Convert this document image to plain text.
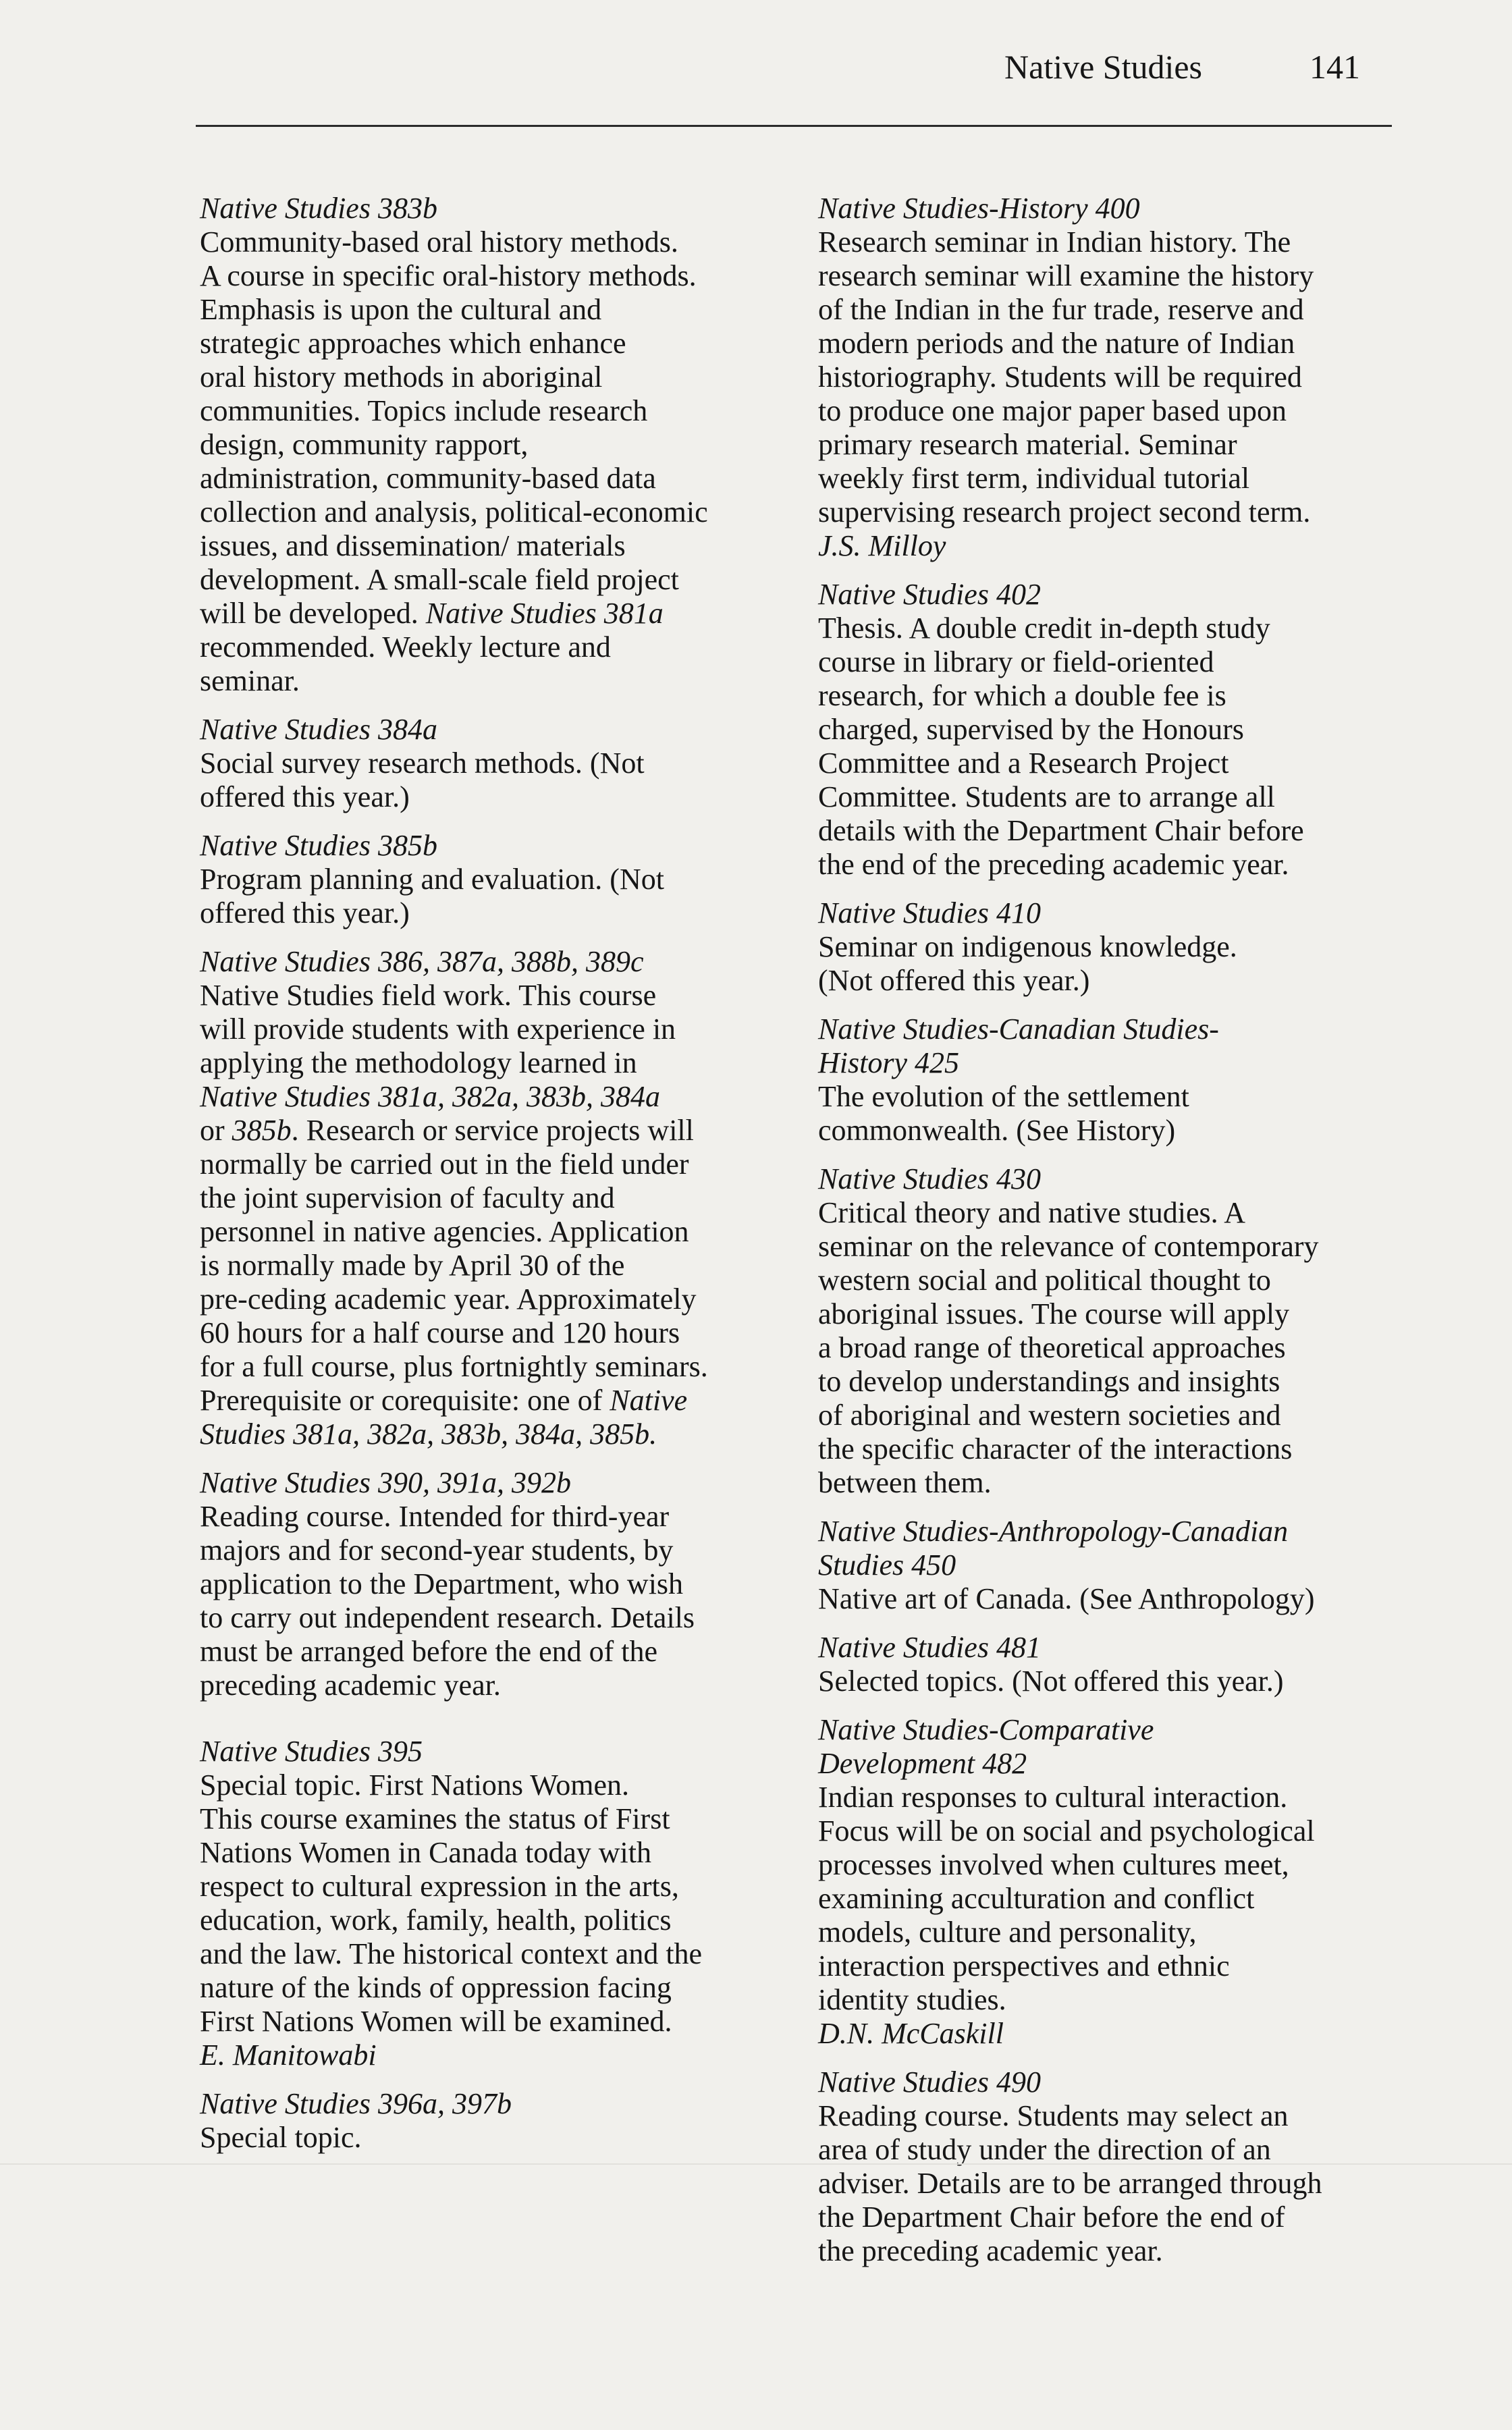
Native Studies	141
Native Studies 383b
Community-based oral history methods.
A course in specific oral-history methods.
Emphasis is upon the cultural and
strategic approaches which enhance
oral history methods in aboriginal
communities. Topics include research
design, community rapport,
administration, community-based data
collection and analysis, political-economic
issues, and dissemination/ materials
development. A small-scale field project
will be developed. Native Studies 381a
recommended. Weekly lecture and
seminar.
Native Studies 384a
Social survey research methods. (Not
offered this year.)
Native Studies 385b
Program planning and evaluation. (Not
offered this year.)
Native Studies 386, 387a, 388b, 389c
Native Studies field work. This course
will provide students with experience in
applying the methodology learned in
Native Studies 381a, 382a, 383b, 384a
or 385b. Research or service projects will
normally be carried out in the field under
the joint supervision of faculty and
personnel in native agencies. Application
is normally made by April 30 of the
pre-ceding academic year. Approximately
60 hours for a half course and 120 hours
for a full course, plus fortnightly seminars.
Prerequisite or corequisite: one of Native
Studies 381a, 382a, 383b, 384a, 385b.
Native Studies 390, 391a, 392b
Reading course. Intended for third-year
majors and for second-year students, by
application to the Department, who wish
to carry out independent research. Details
must be arranged before the end of the
preceding academic year.
Native Studies 395
Special topic. First Nations Women.
This course examines the status of First
Nations Women in Canada today with
respect to cultural expression in the arts,
education, work, family, health, politics
and the law. The historical context and the
nature of the kinds of oppression facing
First Nations Women will be examined.
E. Manitowabi
Native Studies 396a, 397b
Special topic.
Native Studies-History 400
Research seminar in Indian history. The
research seminar will examine the history
of the Indian in the fur trade, reserve and
modern periods and the nature of Indian
historiography. Students will be required
to produce one major paper based upon
primary research material. Seminar
weekly first term, individual tutorial
supervising research project second term.
J.S. Milloy
Native Studies 402
Thesis. A double credit in-depth study
course in library or field-oriented
research, for which a double fee is
charged, supervised by the Honours
Committee and a Research Project
Committee. Students are to arrange all
details with the Department Chair before
the end of the preceding academic year.
Native Studies 410
Seminar on indigenous knowledge.
(Not offered this year.)
Native Studies-Canadian Studies-
History 425
The evolution of the settlement
commonwealth. (See History)
Native Studies 430
Critical theory and native studies. A
seminar on the relevance of contemporary
western social and political thought to
aboriginal issues. The course will apply
a broad range of theoretical approaches
to develop understandings and insights
of aboriginal and western societies and
the specific character of the interactions
between them.
Native Studies-Anthropology-Canadian
Studies 450
Native art of Canada. (See Anthropology)
Native Studies 481
Selected topics. (Not offered this year.)
Native Studies-Comparative
Development 482
Indian responses to cultural interaction.
Focus will be on social and psychological
processes involved when cultures meet,
examining acculturation and conflict
models, culture and personality,
interaction perspectives and ethnic
identity studies.
D.N. McCaskill
Native Studies 490
Reading course. Students may select an
area of study under the direction of an
adviser. Details are to be arranged through
the Department Chair before the end of
the preceding academic year.
